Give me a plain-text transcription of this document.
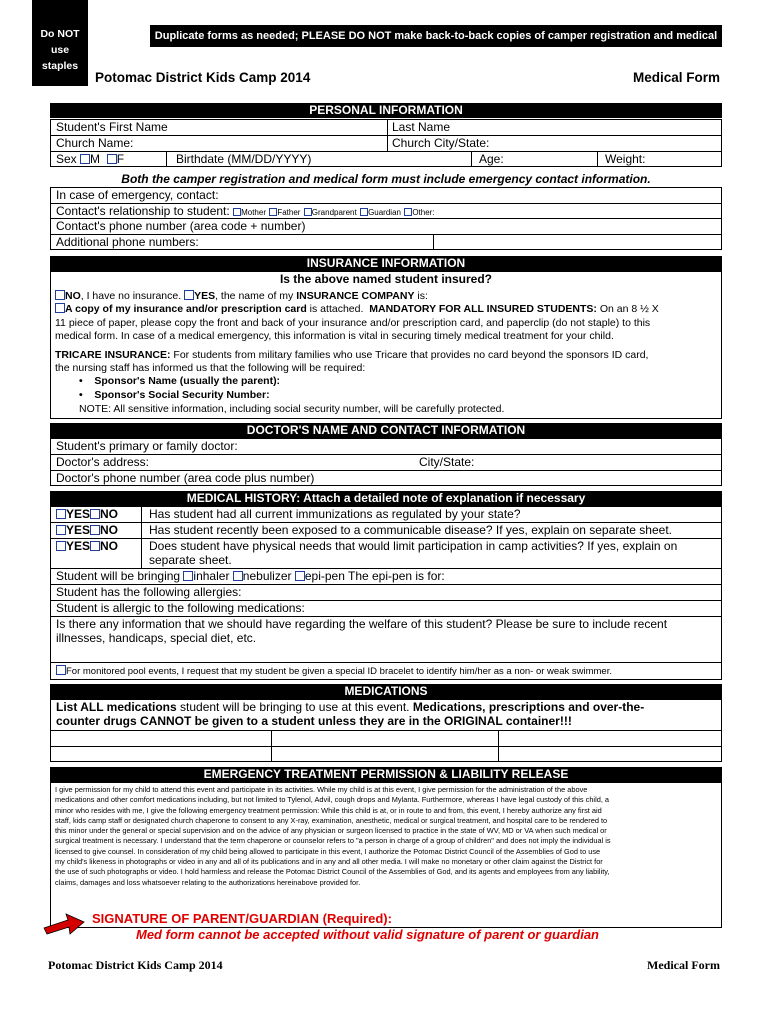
Do NOT use staples
Duplicate forms as needed; PLEASE DO NOT make back-to-back copies of camper registration and medical form
Potomac District Kids Camp 2014	Medical Form
PERSONAL INFORMATION
Student's First Name	Last Name
Church Name:	Church City/State:
Sex M F	Birthdate (MM/DD/YYYY)	Age:	Weight:
Both the camper registration and medical form must include emergency contact information.
In case of emergency, contact:
Contact's relationship to student: Mother Father Grandparent Guardian Other:
Contact's phone number (area code + number)
Additional phone numbers:
INSURANCE INFORMATION
Is the above named student insured?
NO, I have no insurance. YES, the name of my INSURANCE COMPANY is:
A copy of my insurance and/or prescription card is attached. MANDATORY FOR ALL INSURED STUDENTS: On an 8 ½ X
11 piece of paper, please copy the front and back of your insurance and/or prescription card, and paperclip (do not staple) to this
medical form. In case of a medical emergency, this information is vital in securing timely medical treatment for your child.
TRICARE INSURANCE: For students from military families who use Tricare that provides no card beyond the sponsors ID card,
the nursing staff has informed us that the following will be required:
•    Sponsor's Name (usually the parent):
•    Sponsor's Social Security Number:
NOTE: All sensitive information, including social security number, will be carefully protected.
DOCTOR'S NAME AND CONTACT INFORMATION
Student's primary or family doctor:
Doctor's address:	City/State:
Doctor's phone number (area code plus number)
MEDICAL HISTORY: Attach a detailed note of explanation if necessary
YES NO	Has student had all current immunizations as regulated by your state?
YES NO	Has student recently been exposed to a communicable disease? If yes, explain on separate sheet.
YES NO	Does student have physical needs that would limit participation in camp activities? If yes, explain on
separate sheet.
Student will be bringing inhaler nebulizer epi-pen The epi-pen is for:
Student has the following allergies:
Student is allergic to the following medications:
Is there any information that we should have regarding the welfare of this student? Please be sure to include recent
illnesses, handicaps, special diet, etc.
For monitored pool events, I request that my student be given a special ID bracelet to identify him/her as a non- or weak swimmer.
MEDICATIONS
List ALL medications student will be bringing to use at this event. Medications, prescriptions and over-the-
counter drugs CANNOT be given to a student unless they are in the ORIGINAL container!!!
EMERGENCY TREATMENT PERMISSION & LIABILITY RELEASE
I give permission for my child to attend this event and participate in its activities. While my child is at this event, I give permission for the administration of the above
medications and other comfort medications including, but not limited to Tylenol, Advil, cough drops and Mylanta. Furthermore, whereas I have legal custody of this child, a
minor who resides with me, I give the following emergency treatment permission: While this child is at, or in route to and from, this event, I hereby authorize any first aid
staff, kids camp staff or designated church chaperone to consent to any X-ray, examination, anesthetic, medical or surgical treatment, and hospital care to be rendered to
this minor under the general or special supervision and on the advice of any physician or surgeon licensed to practice in the state of WV, MD or VA when such medical or
surgical treatment is necessary. I understand that the term chaperone or counselor refers to "a person in charge of a group of children" and does not imply the individual is
licensed to give counsel. In consideration of my child being allowed to participate in this event, I authorize the Potomac District Council of the Assemblies of God to use
my child's likeness in photographs or video in any and all of its publications and in any and all other media. I will make no monetary or other claim against the District for
the use of such photographs or video. I hold harmless and release the Potomac District Council of the Assemblies of God, and its agents and employees from any liability,
claims, damages and loss whatsoever relating to the authorizations hereinabove provided for.
SIGNATURE OF PARENT/GUARDIAN (Required):
Med form cannot be accepted without valid signature of parent or guardian
Potomac District Kids Camp 2014	Medical Form
